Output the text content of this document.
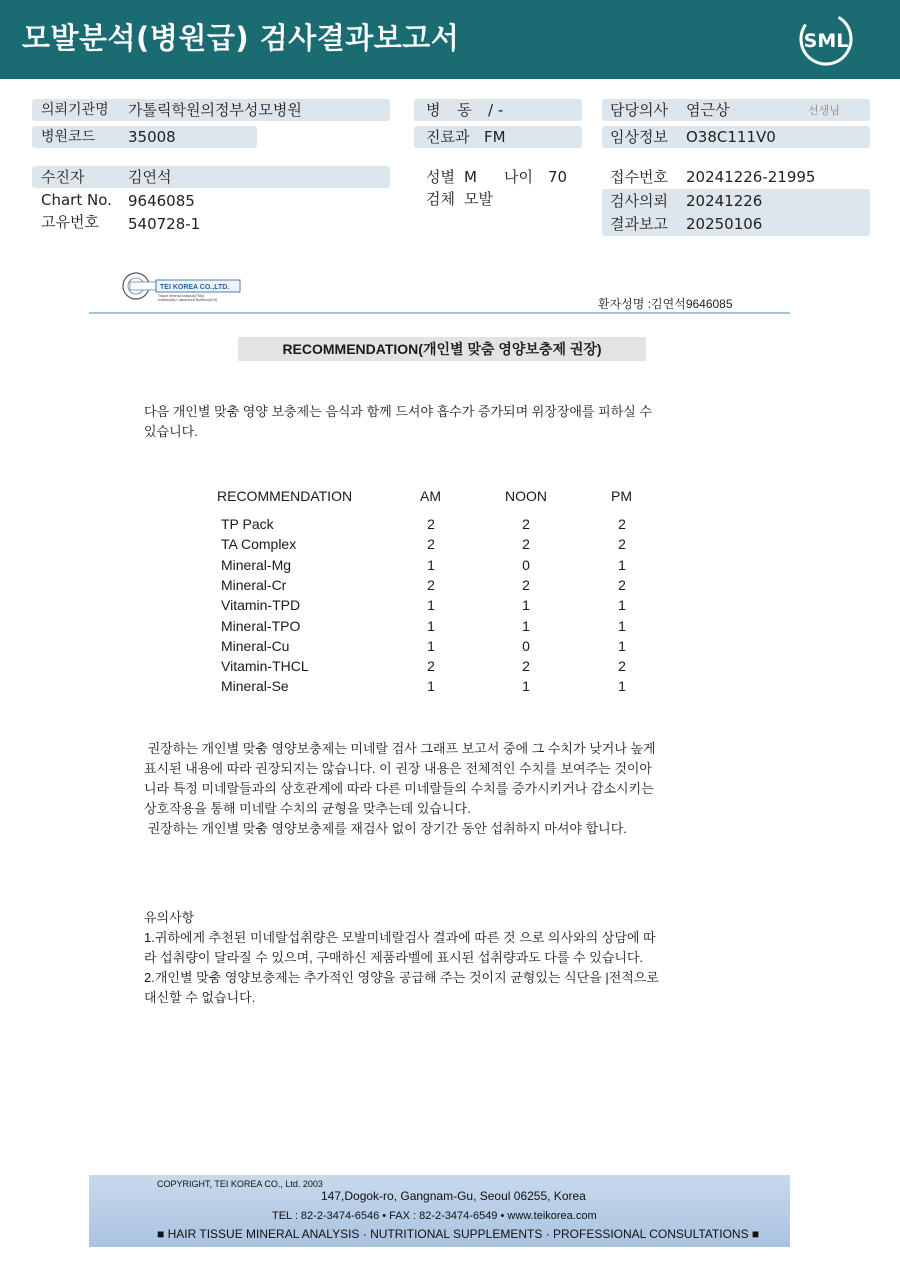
모발분석(병원급) 검사결과보고서	SML
의뢰기관명 가톨릭학원의정부성모병원
병원코드 35008
병 동 / -
진료과 FM
담당의사 염근상	선생님
임상정보 O38C111V0
수진자	김연석
Chart No. 9646085
고유번호 540728-1
성별 M 나이 70
검체 모발
접수번호 20241226-21995
검사의뢰 20241226
결과보고 20250106
TEI KOREA CO.,LTD.
Tissue Mineral Analysis(TMA)
Individually Customized Nutrition(ICN)	환자성명 :김연석9646085
RECOMMENDATION(개인별 맞춤 영양보충제 권장)
다음 개인별 맞춤 영양 보충제는 음식과 함께 드셔야 흡수가 증가되며 위장장애를 피하실 수
있습니다.
RECOMMENDATION	AM	NOON	PM
TP Pack	2	2	2
TA Complex	2	2	2
Mineral-Mg	1	0	1
Mineral-Cr	2	2	2
Vitamin-TPD	1	1	1
Mineral-TPO	1	1	1
Mineral-Cu	1	0	1
Vitamin-THCL	2	2	2
Mineral-Se	1	1	1
권장하는 개인별 맞춤 영양보충제는 미네랄 검사 그래프 보고서 중에 그 수치가 낮거나 높게
표시된 내용에 따라 권장되지는 않습니다. 이 권장 내용은 전체적인 수치를 보여주는 것이아
니라 특정 미네랄들과의 상호관계에 따라 다른 미네랄들의 수치를 증가시키거나 감소시키는
상호작용을 통해 미네랄 수치의 균형을 맞추는데 있습니다.
권장하는 개인별 맞춤 영양보충제를 재검사 없이 장기간 동안 섭취하지 마셔야 합니다.
유의사항
1.귀하에게 추천된 미네랄섭취량은 모발미네랄검사 결과에 따른 것 으로 의사와의 상담에 따
라 섭취량이 달라질 수 있으며, 구매하신 제품라벨에 표시된 섭취량과도 다를 수 있습니다.
2.개인별 맞춤 영양보충제는 추가적인 영양을 공급해 주는 것이지 균형있는 식단을 |전적으로
대신할 수 없습니다.
COPYRIGHT, TEI KOREA CO., Ltd. 2003
147,Dogok-ro, Gangnam-Gu, Seoul 06255, Korea
TEL : 82-2-3474-6546 • FAX : 82-2-3474-6549 • www.teikorea.com
■ HAIR TISSUE MINERAL ANALYSIS · NUTRITIONAL SUPPLEMENTS · PROFESSIONAL CONSULTATIONS ■
